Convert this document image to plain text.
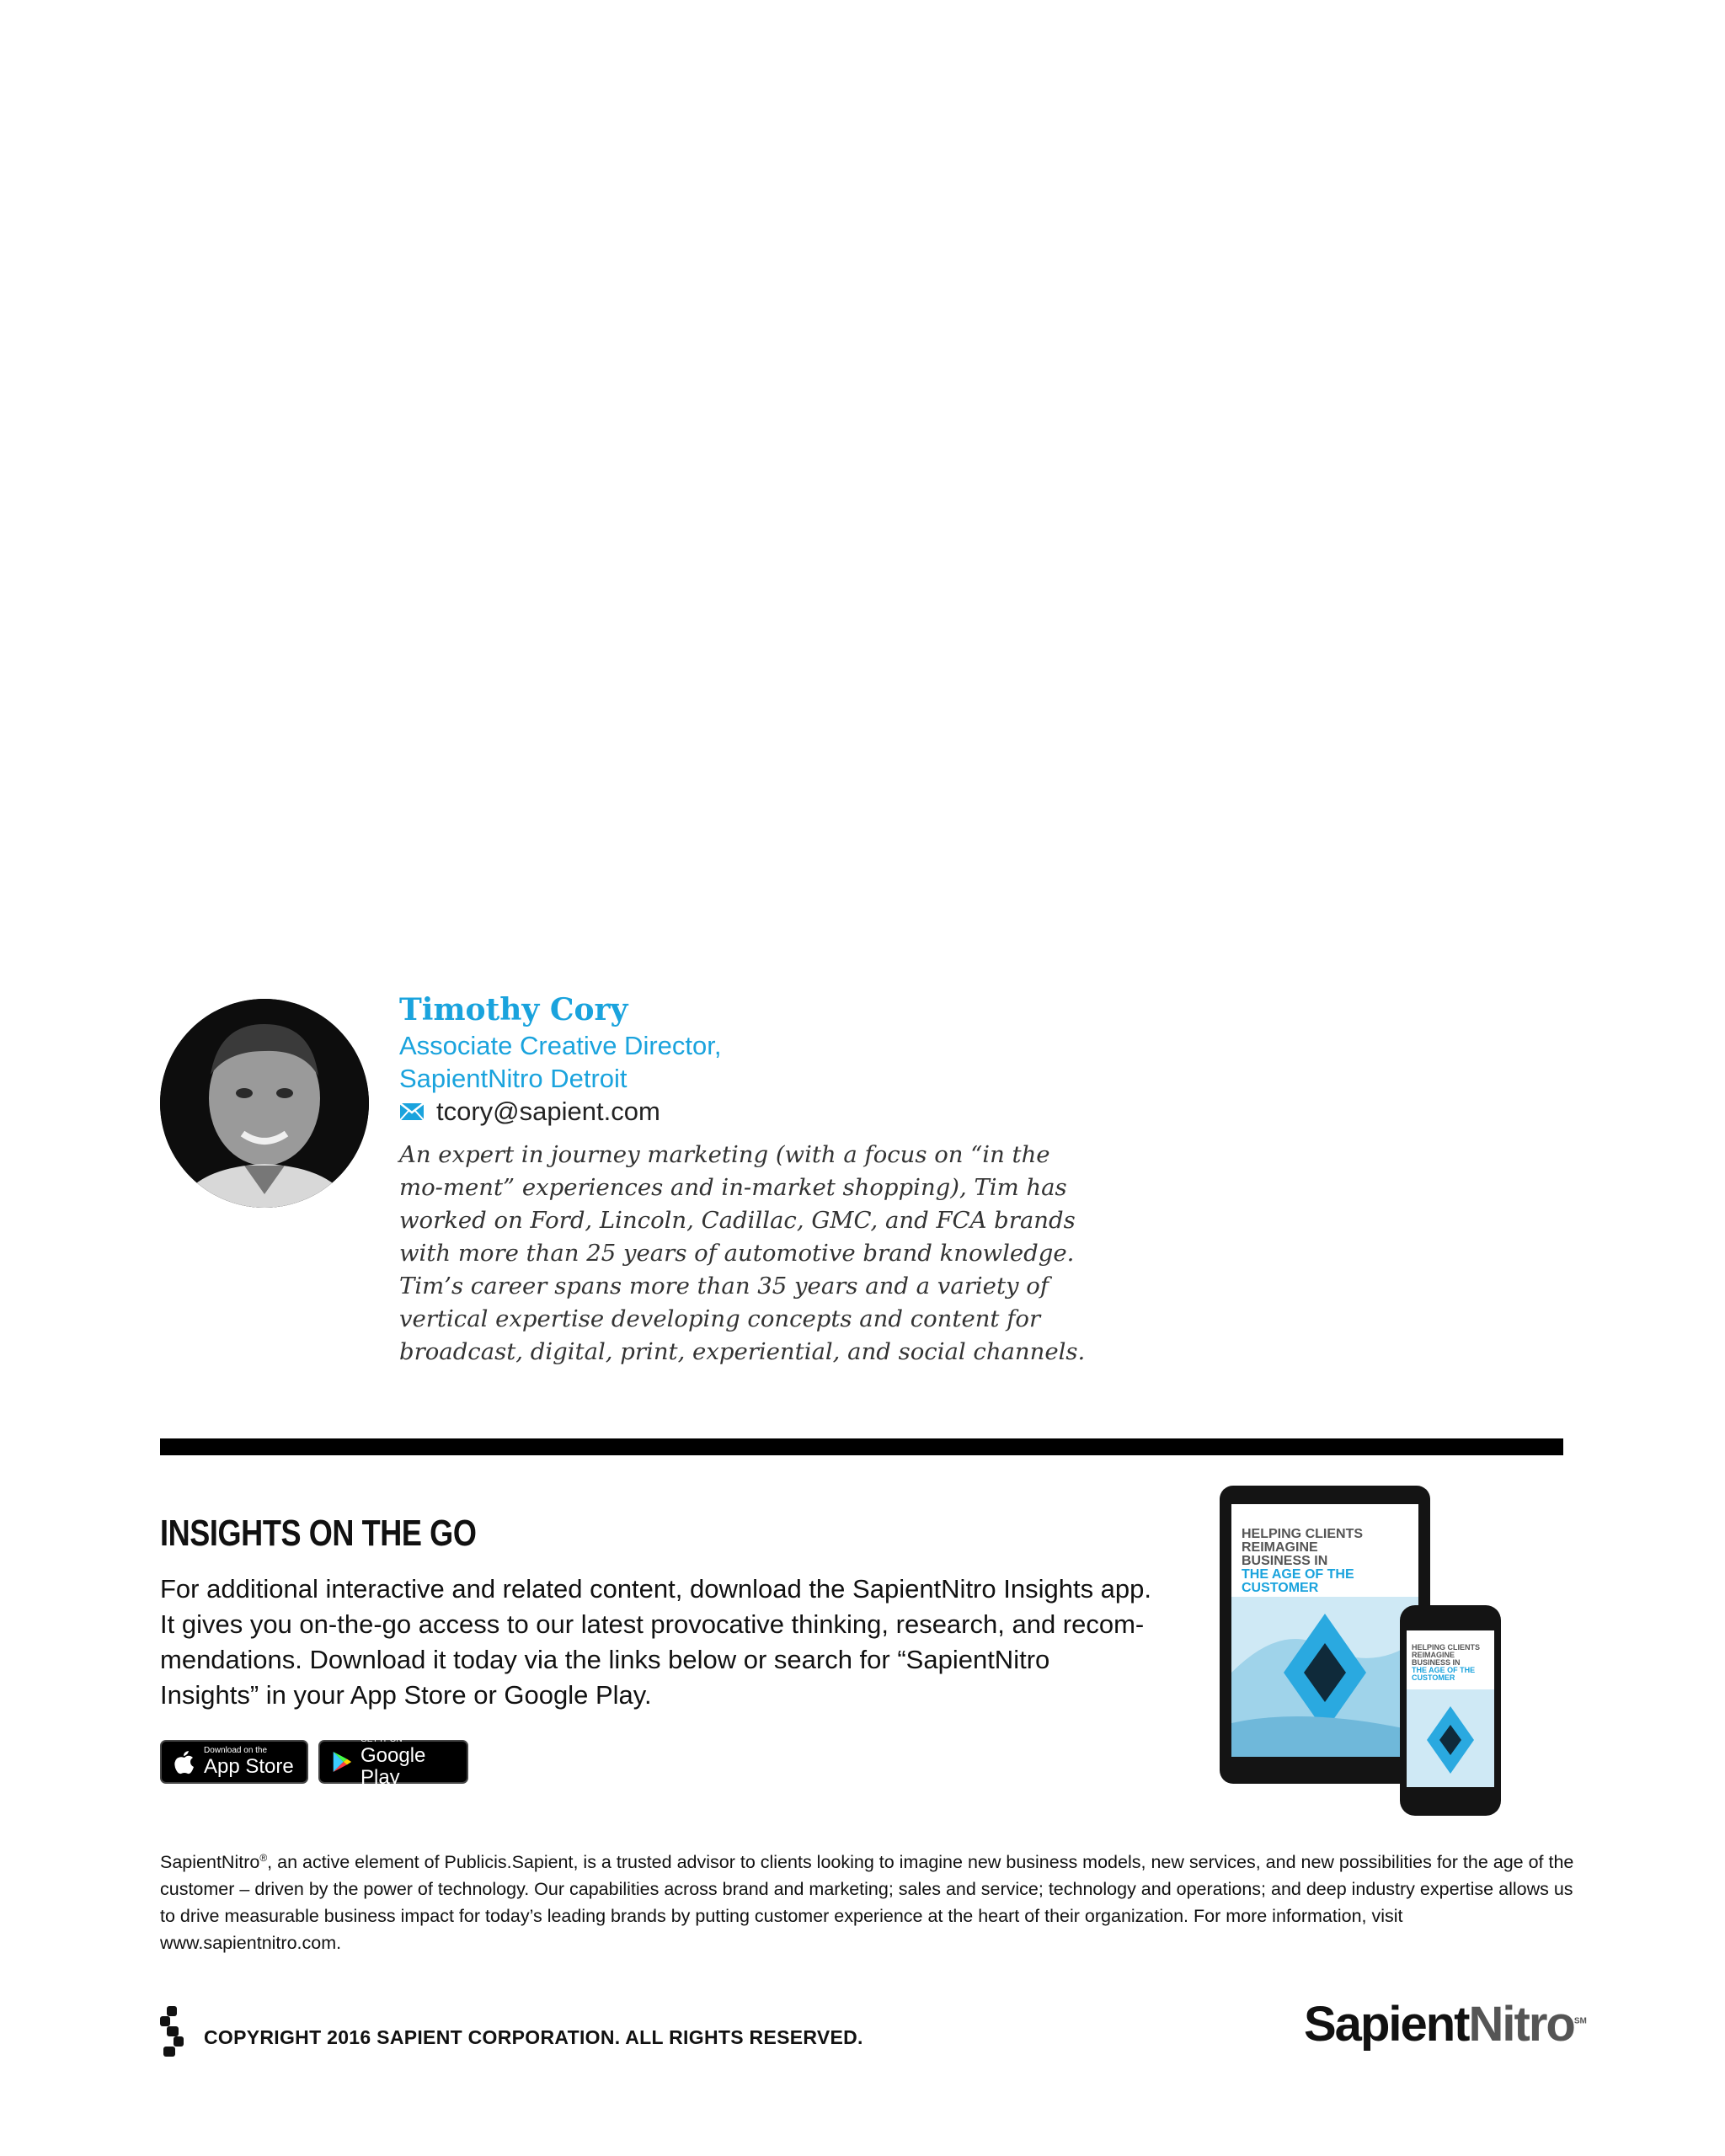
Timothy Cory
Associate Creative Director,
SapientNitro Detroit
tcory@sapient.com
An expert in journey marketing (with a focus on “in the mo-ment” experiences and in-market shopping), Tim has worked on Ford, Lincoln, Cadillac, GMC, and FCA brands with more than 25 years of automotive brand knowledge. Tim’s career spans more than 35 years and a variety of vertical expertise developing concepts and content for broadcast, digital, print, experiential, and social channels.
INSIGHTS ON THE GO
For additional interactive and related content, download the SapientNitro Insights app. It gives you on-the-go access to our latest provocative thinking, research, and recom-mendations. Download it today via the links below or search for “SapientNitro Insights” in your App Store or Google Play.
Download on the
App Store
GET IT ON
Google Play
HELPING CLIENTS
REIMAGINE
BUSINESS IN
THE AGE OF THE
CUSTOMER
HELPING CLIENTS
REIMAGINE
BUSINESS IN
THE AGE OF THE
CUSTOMER
SapientNitro®, an active element of Publicis.Sapient, is a trusted advisor to clients looking to imagine new business models, new services, and new possibilities for the age of the customer – driven by the power of technology. Our capabilities across brand and marketing; sales and service; technology and operations; and deep industry expertise allows us to drive measurable business impact for today’s leading brands by putting customer experience at the heart of their organization. For more information, visit www.sapientnitro.com.
COPYRIGHT 2016 SAPIENT CORPORATION. ALL RIGHTS RESERVED.	SapientNitro℠
